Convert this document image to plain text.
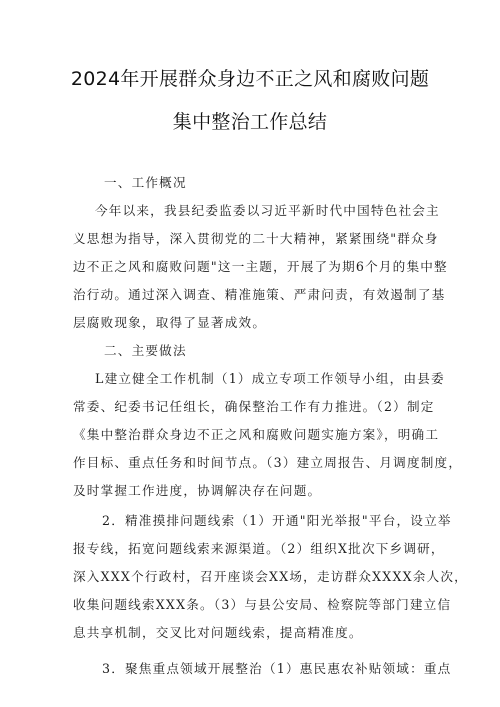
2024年开展群众身边不正之风和腐败问题
集中整治工作总结
一、工作概况
今年以来，我县纪委监委以习近平新时代中国特色社会主
义思想为指导，深入贯彻党的二十大精神，紧紧围绕"群众身
边不正之风和腐败问题"这一主题，开展了为期6个月的集中整
治行动。通过深入调查、精准施策、严肃问责，有效遏制了基
层腐败现象，取得了显著成效。
二、主要做法
L建立健全工作机制（1）成立专项工作领导小组，由县委
常委、纪委书记任组长，确保整治工作有力推进。（2）制定
《集中整治群众身边不正之风和腐败问题实施方案》，明确工
作目标、重点任务和时间节点。（3）建立周报告、月调度制度，
及时掌握工作进度，协调解决存在问题。
2．精准摸排问题线索（1）开通"阳光举报"平台，设立举
报专线，拓宽问题线索来源渠道。（2）组织X批次下乡调研，
深入XXX个行政村，召开座谈会XX场，走访群众XXXX余人次，
收集问题线索XXX条。（3）与县公安局、检察院等部门建立信
息共享机制，交叉比对问题线索，提高精准度。
3．聚焦重点领域开展整治（1）惠民惠农补贴领域：重点
